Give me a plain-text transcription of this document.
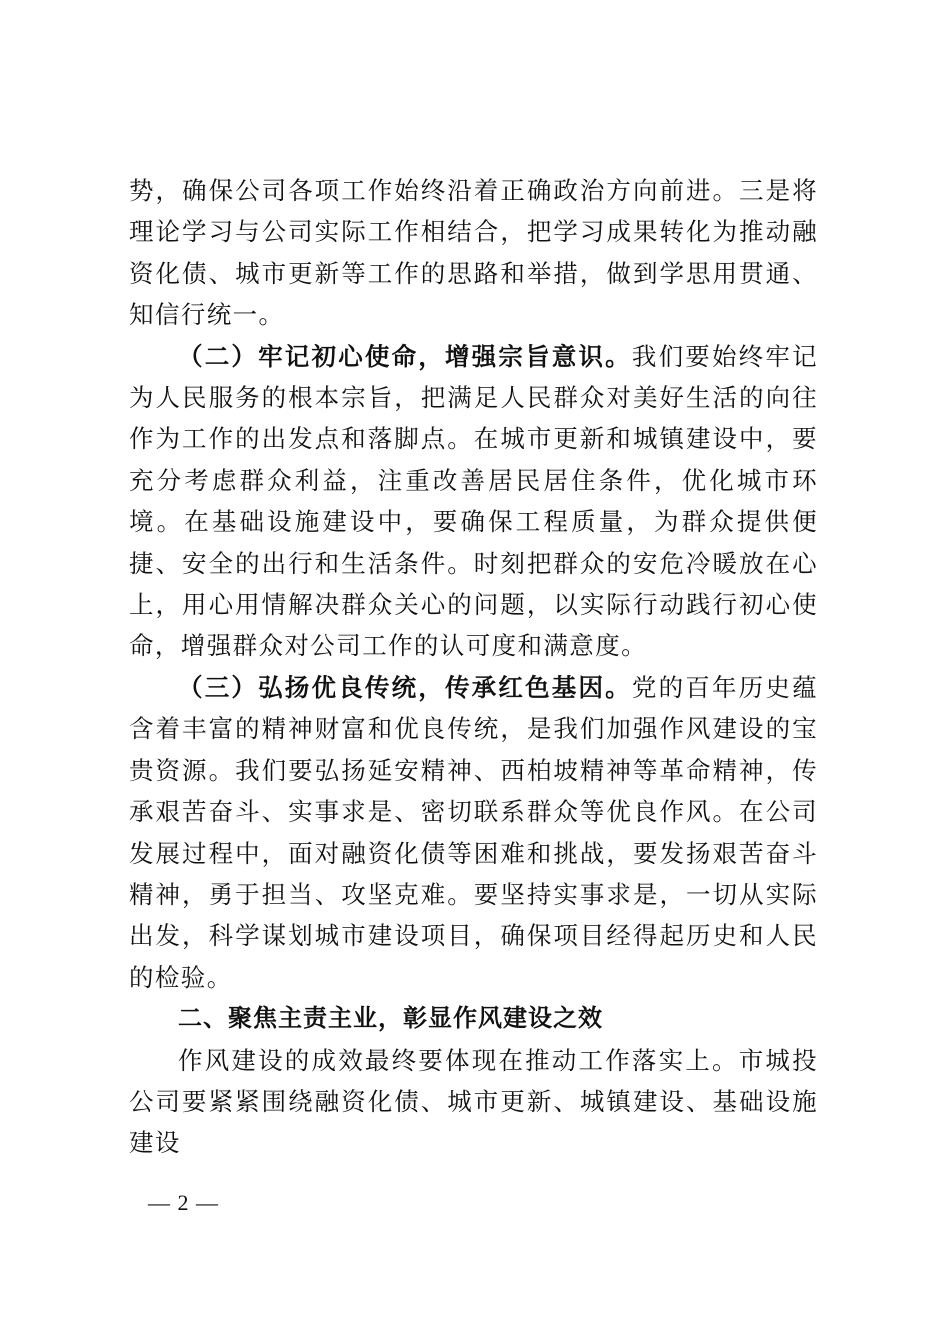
势，确保公司各项工作始终沿着正确政治方向前进。三是将理论学习与公司实际工作相结合，把学习成果转化为推动融资化债、城市更新等工作的思路和举措，做到学思用贯通、知信行统一。

（二）牢记初心使命，增强宗旨意识。我们要始终牢记为人民服务的根本宗旨，把满足人民群众对美好生活的向往作为工作的出发点和落脚点。在城市更新和城镇建设中，要充分考虑群众利益，注重改善居民居住条件，优化城市环境。在基础设施建设中，要确保工程质量，为群众提供便捷、安全的出行和生活条件。时刻把群众的安危冷暖放在心上，用心用情解决群众关心的问题，以实际行动践行初心使命，增强群众对公司工作的认可度和满意度。

（三）弘扬优良传统，传承红色基因。党的百年历史蕴含着丰富的精神财富和优良传统，是我们加强作风建设的宝贵资源。我们要弘扬延安精神、西柏坡精神等革命精神，传承艰苦奋斗、实事求是、密切联系群众等优良作风。在公司发展过程中，面对融资化债等困难和挑战，要发扬艰苦奋斗精神，勇于担当、攻坚克难。要坚持实事求是，一切从实际出发，科学谋划城市建设项目，确保项目经得起历史和人民的检验。

二、聚焦主责主业，彰显作风建设之效

作风建设的成效最终要体现在推动工作落实上。市城投公司要紧紧围绕融资化债、城市更新、城镇建设、基础设施建设

— 2 —
